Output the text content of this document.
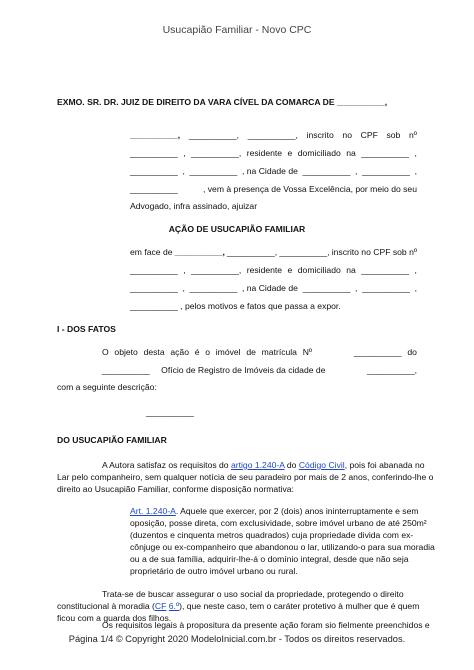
Usucapião Familiar - Novo CPC
EXMO. SR. DR. JUIZ DE DIREITO DA VARA CÍVEL DA COMARCA DE __________,
__________, __________, __________, inscrito no CPF sob nº
__________ , __________, residente e domiciliado na __________ ,
__________ , __________ , na Cidade de __________ , __________ ,
__________	, vem à presença de Vossa Excelência, por meio do seu
Advogado, infra assinado, ajuizar
AÇÃO DE USUCAPIÃO FAMILIAR
em face de __________, __________, __________, inscrito no CPF sob nº
__________ , __________, residente e domiciliado na __________ ,
__________ , __________ , na Cidade de __________ , __________ ,
__________ , pelos motivos e fatos que passa a expor.
I - DOS FATOS
O objeto desta ação é o imóvel de matrícula Nº	__________ do
__________ Ofício de Registro de Imóveis da cidade de	__________,
com a seguinte descrição:
__________
DO USUCAPIÃO FAMILIAR
A Autora satisfaz os requisitos do artigo 1.240-A do Código Civil, pois foi abanada no
Lar pelo companheiro, sem qualquer notícia de seu paradeiro por mais de 2 anos, conferindo-lhe o
direito ao Usucapião Familiar, conforme disposição normativa:
Art. 1.240-A. Aquele que exercer, por 2 (dois) anos ininterruptamente e sem
oposição, posse direta, com exclusividade, sobre imóvel urbano de até 250m²
(duzentos e cinquenta metros quadrados) cuja propriedade divida com ex-
cônjuge ou ex-companheiro que abandonou o lar, utilizando-o para sua moradia
ou a de sua família, adquirir-lhe-á o domínio integral, desde que não seja
proprietário de outro imóvel urbano ou rural.
Trata-se de buscar assegurar o uso social da propriedade, protegendo o direito
constitucional à moradia (CF 6.º), que neste caso, tem o caráter protetivo à mulher que é quem
ficou com a guarda dos filhos.
Página 1/4 © Copyright 2020 ModeloInicial.com.br - Todos os direitos reservados.
Os requisitos legais à propositura da presente ação foram sio fielmente preenchidos e
